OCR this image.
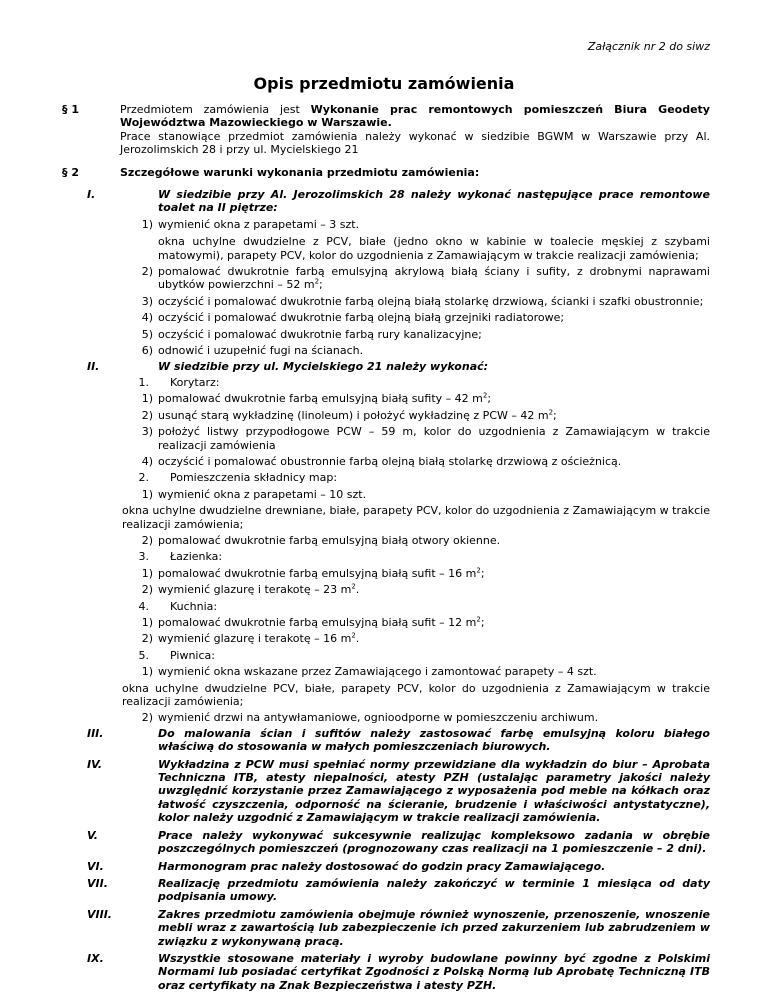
Załącznik nr 2 do siwz
Opis przedmiotu zamówienia
§ 1	Przedmiotem zamówienia jest Wykonanie prac remontowych pomieszczeń Biura Geodety Województwa Mazowieckiego w Warszawie.
Prace stanowiące przedmiot zamówienia należy wykonać w siedzibie BGWM w Warszawie przy Al. Jerozolimskich 28 i przy ul. Mycielskiego 21
§ 2	Szczegółowe warunki wykonania przedmiotu zamówienia:
I.	W siedzibie przy Al. Jerozolimskich 28 należy wykonać następujące prace remontowe toalet na II piętrze:
1) wymienić okna z parapetami – 3 szt.
okna uchylne dwudzielne z PCV, białe (jedno okno w kabinie w toalecie męskiej z szybami matowymi), parapety PCV, kolor do uzgodnienia z Zamawiającym w trakcie realizacji zamówienia;
2) pomalować dwukrotnie farbą emulsyjną akrylową białą ściany i sufity, z drobnymi naprawami ubytków powierzchni – 52 $m^2$;
3) oczyścić i pomalować dwukrotnie farbą olejną białą stolarkę drzwiową, ścianki i szafki obustronnie;
4) oczyścić i pomalować dwukrotnie farbą olejną białą grzejniki radiatorowe;
5) oczyścić i pomalować dwukrotnie farbą rury kanalizacyjne;
6) odnowić i uzupełnić fugi na ścianach.
II.	W siedzibie przy ul. Mycielskiego 21 należy wykonać:
1.	Korytarz:
1) pomalować dwukrotnie farbą emulsyjną białą sufity – 42 $m^2$;
2) usunąć starą wykładzinę (linoleum) i położyć wykładzinę z PCW – 42 $m^2$;
3) położyć listwy przypodłogowe PCW – 59 m, kolor do uzgodnienia z Zamawiającym w trakcie realizacji zamówienia
4) oczyścić i pomalować obustronnie farbą olejną białą stolarkę drzwiową z ościeżnicą.
2.	Pomieszczenia składnicy map:
1) wymienić okna z parapetami – 10 szt.
okna uchylne dwudzielne drewniane, białe, parapety PCV, kolor do uzgodnienia z Zamawiającym w trakcie realizacji zamówienia;
2) pomalować dwukrotnie farbą emulsyjną białą otwory okienne.
3.	Łazienka:
1) pomalować dwukrotnie farbą emulsyjną białą sufit – 16 $m^2$;
2) wymienić glazurę i terakotę – 23 $m^2$.
4.	Kuchnia:
1) pomalować dwukrotnie farbą emulsyjną białą sufit – 12 $m^2$;
2) wymienić glazurę i terakotę – 16 $m^2$.
5.	Piwnica:
1) wymienić okna wskazane przez Zamawiającego i zamontować parapety – 4 szt.
okna uchylne dwudzielne PCV, białe, parapety PCV, kolor do uzgodnienia z Zamawiającym w trakcie realizacji zamówienia;
2) wymienić drzwi na antywłamaniowe, ognioodporne w pomieszczeniu archiwum.
III.	Do malowania ścian i sufitów należy zastosować farbę emulsyjną koloru białego właściwą do stosowania w małych pomieszczeniach biurowych.
IV.	Wykładzina z PCW musi spełniać normy przewidziane dla wykładzin do biur – Aprobata Techniczna ITB, atesty niepalności, atesty PZH (ustalając parametry jakości należy uwzględnić korzystanie przez Zamawiającego z wyposażenia pod meble na kółkach oraz łatwość czyszczenia, odporność na ścieranie, brudzenie i właściwości antystatyczne), kolor należy uzgodnić z Zamawiającym w trakcie realizacji zamówienia.
V.	Prace należy wykonywać sukcesywnie realizując kompleksowo zadania w obrębie poszczególnych pomieszczeń (prognozowany czas realizacji na 1 pomieszczenie – 2 dni).
VI.	Harmonogram prac należy dostosować do godzin pracy Zamawiającego.
VII.	Realizację przedmiotu zamówienia należy zakończyć w terminie 1 miesiąca od daty podpisania umowy.
VIII.	Zakres przedmiotu zamówienia obejmuje również wynoszenie, przenoszenie, wnoszenie mebli wraz z zawartością lub zabezpieczenie ich przed zakurzeniem lub zabrudzeniem w związku z wykonywaną pracą.
IX.	Wszystkie stosowane materiały i wyroby budowlane powinny być zgodne z Polskimi Normami lub posiadać certyfikat Zgodności z Polską Normą lub Aprobatę Techniczną ITB oraz certyfikaty na Znak Bezpieczeństwa i atesty PZH.
